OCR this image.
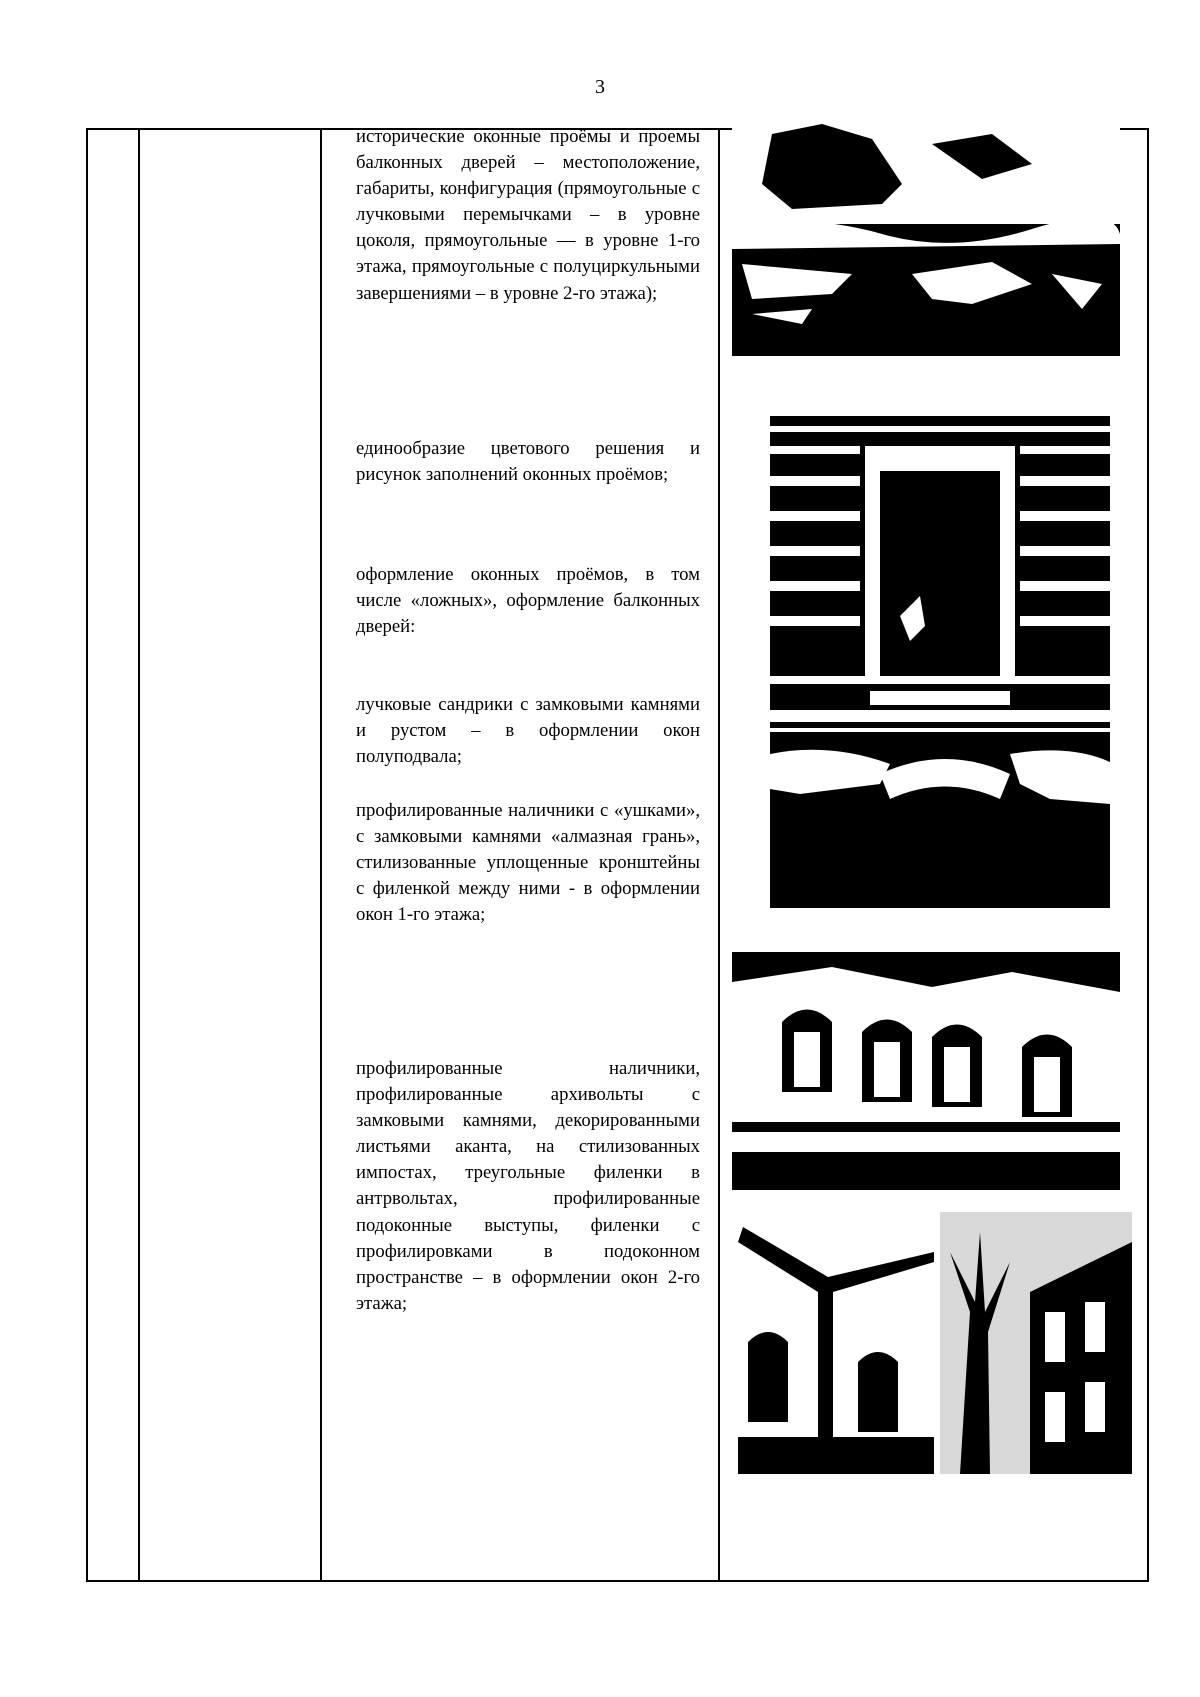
3
исторические оконные проёмы и проемы балконных дверей – местоположение, габариты, конфигурация (прямоугольные с лучковыми перемычками – в уровне цоколя, прямоугольные — в уровне 1-го этажа, прямоугольные с полуциркульными завершениями – в уровне 2-го этажа);
единообразие цветового решения и рисунок заполнений оконных проёмов;
оформление оконных проёмов, в том числе «ложных», оформление балконных дверей:
лучковые сандрики с замковыми камнями и рустом – в оформлении окон полуподвала;
профилированные наличники с «ушками», с замковыми камнями «алмазная грань», стилизованные уплощенные кронштейны с филенкой между ними - в оформлении окон 1-го этажа;
профилированные наличники, профилированные архивольты с замковыми камнями, декорированными листьями аканта, на стилизованных импостах, треугольные филенки в антрвольтах, профилированные подоконные выступы, филенки с профилировками в подоконном пространстве – в оформлении окон 2-го этажа;
